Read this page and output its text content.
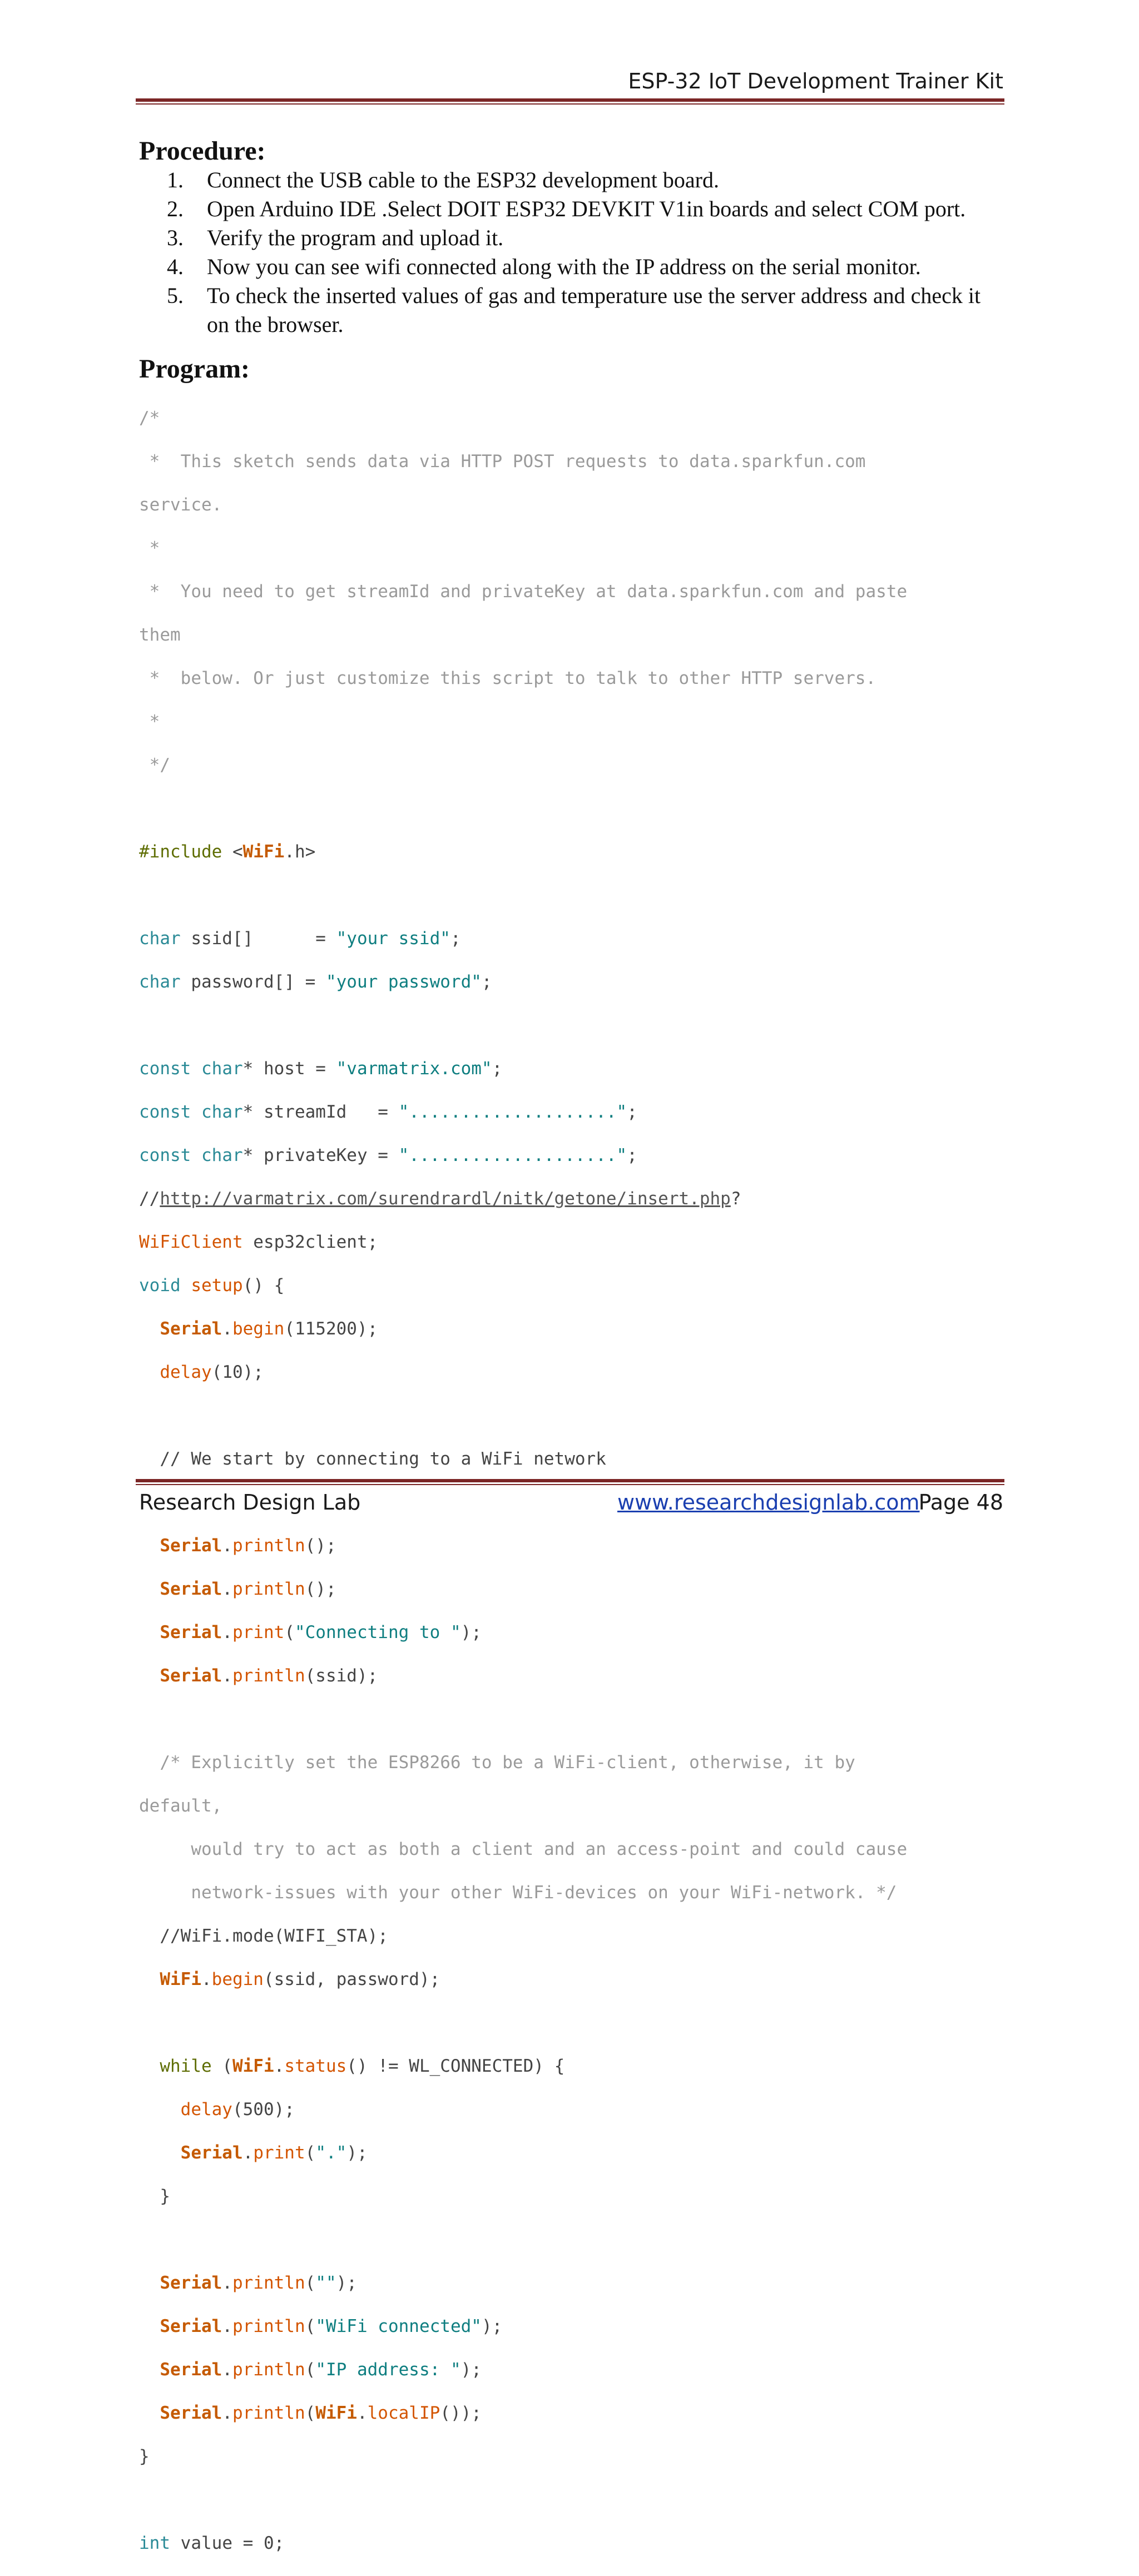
ESP-32 IoT Development Trainer Kit
Procedure:
1.	Connect the USB cable to the ESP32 development board.
2.	Open Arduino IDE .Select DOIT ESP32 DEVKIT V1in boards and select COM port.
3.	Verify the program and upload it.
4.	Now you can see wifi connected along with the IP address on the serial monitor.
5.	To check the inserted values of gas and temperature use the server address and check it on the browser.
Program:

/*

*  This sketch sends data via HTTP POST requests to data.sparkfun.com

service.

*

*  You need to get streamId and privateKey at data.sparkfun.com and paste

them

*  below. Or just customize this script to talk to other HTTP servers.

*

*/

#include <WiFi.h>

char ssid[]      = "your ssid";

char password[] = "your password";

const char* host = "varmatrix.com";

const char* streamId   = "....................";

const char* privateKey = "....................";

//http://varmatrix.com/surendrardl/nitk/getone/insert.php?

WiFiClient esp32client;

void setup() {

Serial.begin(115200);

delay(10);

// We start by connecting to a WiFi network

Serial.println();

Serial.println();

Serial.print("Connecting to ");

Serial.println(ssid);

/* Explicitly set the ESP8266 to be a WiFi-client, otherwise, it by

default,

would try to act as both a client and an access-point and could cause

network-issues with your other WiFi-devices on your WiFi-network. */

//WiFi.mode(WIFI_STA);

WiFi.begin(ssid, password);

while (WiFi.status() != WL_CONNECTED) {

delay(500);

Serial.print(".");

}

Serial.println("");

Serial.println("WiFi connected");

Serial.println("IP address: ");

Serial.println(WiFi.localIP());

}

int value = 0;

Research Design Lab	www.researchdesignlab.com
Page 48
